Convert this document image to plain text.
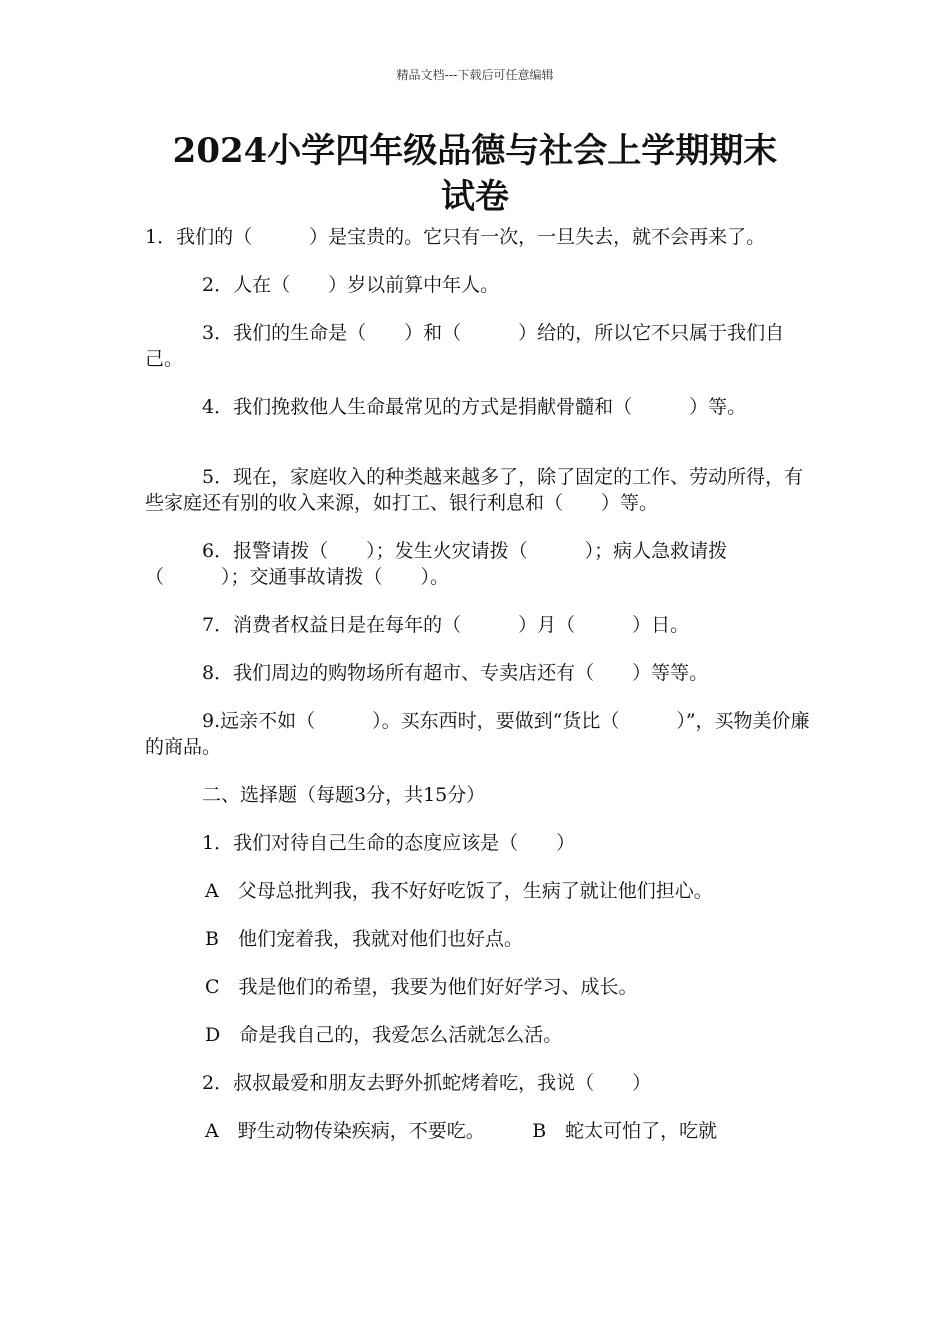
精品文档---下载后可任意编辑
2024小学四年级品德与社会上学期期末
试卷

1．我们的（　　　）是宝贵的。它只有一次，一旦失去，就不会再来了。

2．人在（　　）岁以前算中年人。

3．我们的生命是（　　）和（　　　）给的，所以它不只属于我们自己。

4．我们挽救他人生命最常见的方式是捐献骨髓和（　　　）等。

5．现在，家庭收入的种类越来越多了，除了固定的工作、劳动所得，有些家庭还有别的收入来源，如打工、银行利息和（　　）等。

6．报警请拨（　　）；发生火灾请拨（　　　）；病人急救请拨（　　　）；交通事故请拨（　　）。

7．消费者权益日是在每年的（　　　）月（　　　）日。

8．我们周边的购物场所有超市、专卖店还有（　　）等等。

9.远亲不如（　　　）。买东西时，要做到“货比（　　　）”，买物美价廉的商品。

二、选择题（每题3分，共15分）

1．我们对待自己生命的态度应该是（　　）

A　父母总批判我，我不好好吃饭了，生病了就让他们担心。

B　他们宠着我，我就对他们也好点。

C　我是他们的希望，我要为他们好好学习、成长。

D　命是我自己的，我爱怎么活就怎么活。

2．叔叔最爱和朋友去野外抓蛇烤着吃，我说（　　）

A　野生动物传染疾病，不要吃。　　　B　蛇太可怕了，吃就
